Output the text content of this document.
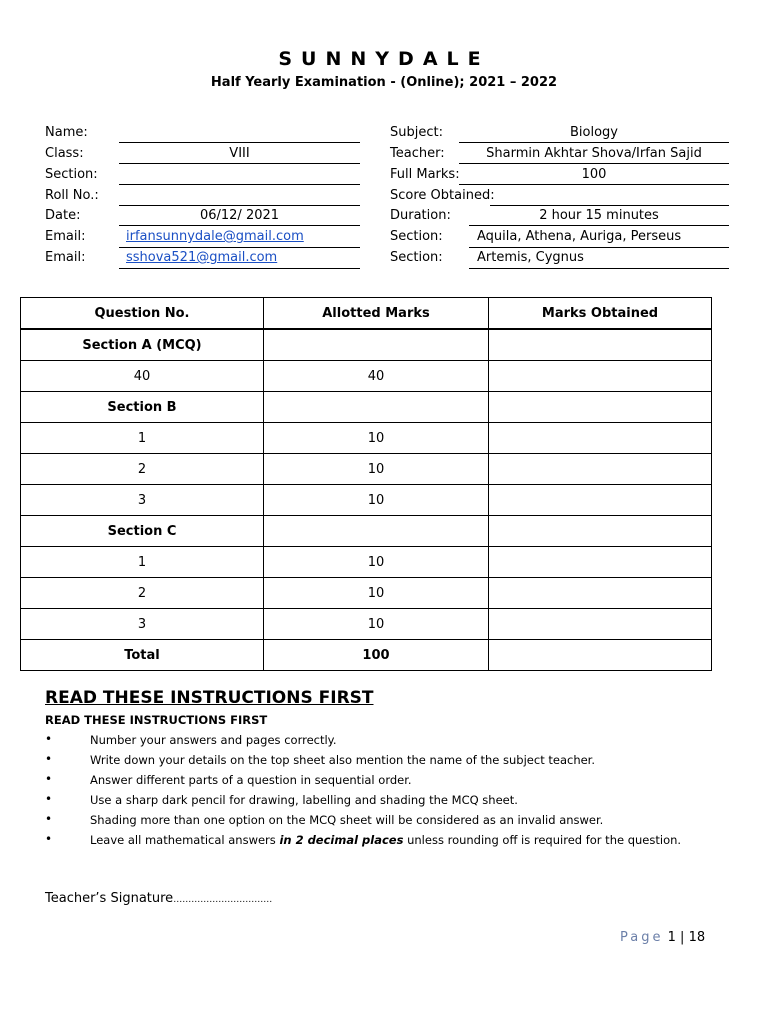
SUNNYDALE
Half Yearly Examination - (Online); 2021 – 2022
Name:
Class:	VIII
Section:
Roll No.:
Date:	06/12/ 2021
Email:	irfansunnydale@gmail.com
Email:	sshova521@gmail.com
Subject:	Biology
Teacher:	Sharmin Akhtar Shova/Irfan Sajid
Full Marks:	100
Score Obtained:
Duration:	2 hour 15 minutes
Section:	Aquila, Athena, Auriga, Perseus
Section:	Artemis, Cygnus
Question No.	Allotted Marks	Marks Obtained
Section A (MCQ)		
40	40	
Section B		
1	10	
2	10	
3	10	
Section C		
1	10	
2	10	
3	10	
Total	100	
READ THESE INSTRUCTIONS FIRST
READ THESE INSTRUCTIONS FIRST
•	Number your answers and pages correctly.
•	Write down your details on the top sheet also mention the name of the subject teacher.
•	Answer different parts of a question in sequential order.
•	Use a sharp dark pencil for drawing, labelling and shading the MCQ sheet.
•	Shading more than one option on the MCQ sheet will be considered as an invalid answer.
•	Leave all mathematical answers in 2 decimal places unless rounding off is required for the question.
Teacher’s Signature……………………………
Page 1 | 18
